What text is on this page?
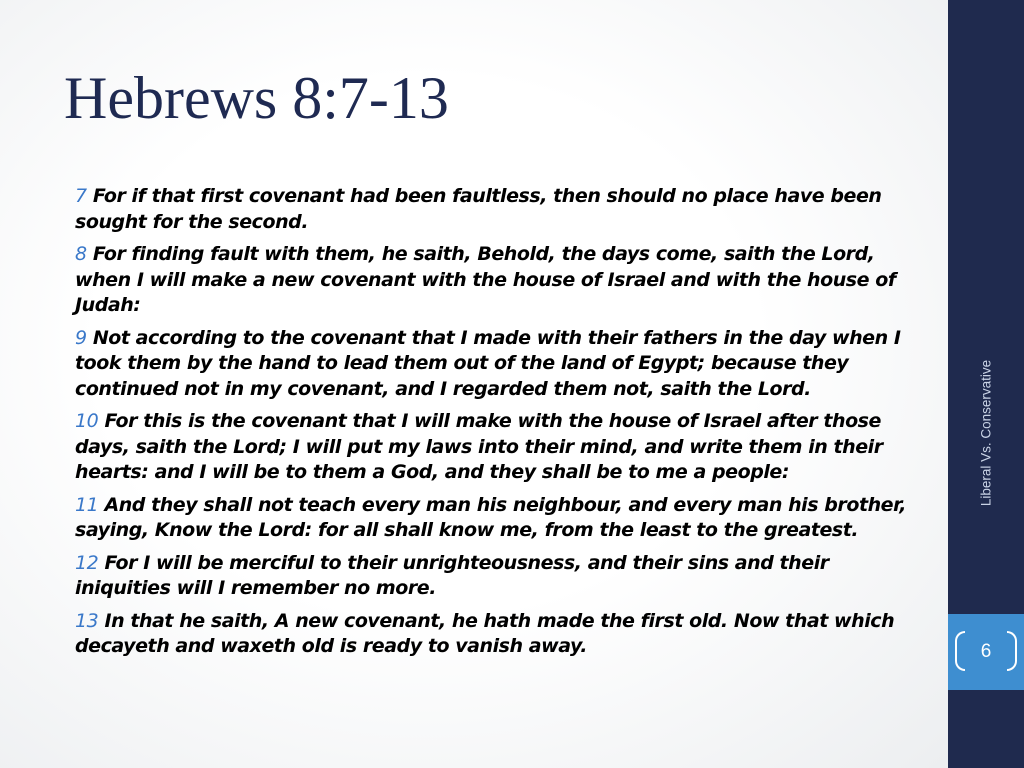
Hebrews 8:7-13
7 For if that first covenant had been faultless, then should no place have been sought for the second.
8 For finding fault with them, he saith, Behold, the days come, saith the Lord, when I will make a new covenant with the house of Israel and with the house of Judah:
9 Not according to the covenant that I made with their fathers in the day when I took them by the hand to lead them out of the land of Egypt; because they continued not in my covenant, and I regarded them not, saith the Lord.
10 For this is the covenant that I will make with the house of Israel after those days, saith the Lord; I will put my laws into their mind, and write them in their hearts: and I will be to them a God, and they shall be to me a people:
11 And they shall not teach every man his neighbour, and every man his brother, saying, Know the Lord: for all shall know me, from the least to the greatest.
12 For I will be merciful to their unrighteousness, and their sins and their iniquities will I remember no more.
13 In that he saith, A new covenant, he hath made the first old. Now that which decayeth and waxeth old is ready to vanish away.
Liberal Vs. Conservative
6
